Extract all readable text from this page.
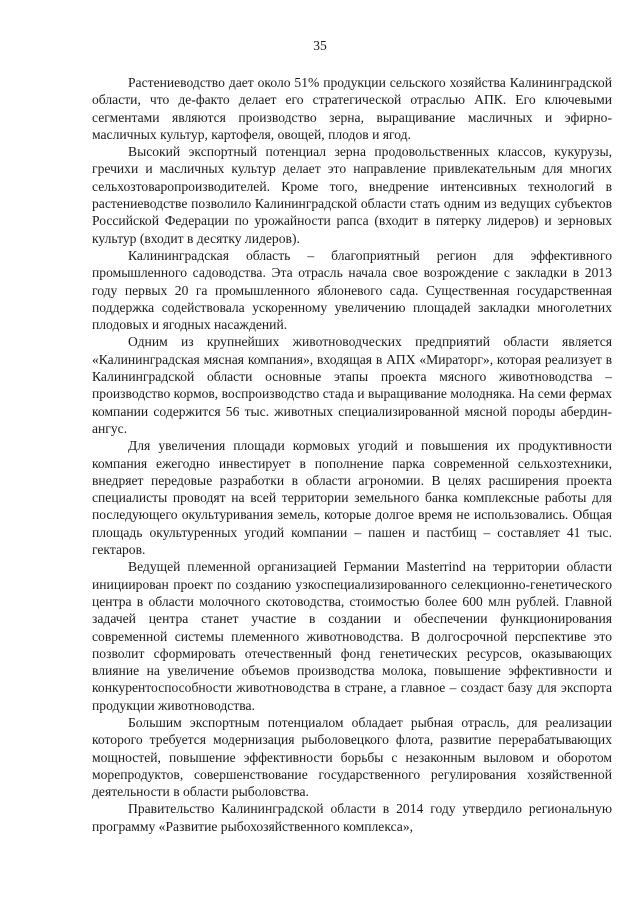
35

Растениеводство дает около 51% продукции сельского хозяйства Калининградской области, что де-факто делает его стратегической отраслью АПК. Его ключевыми сегментами являются производство зерна, выращивание масличных и эфирно-масличных культур, картофеля, овощей, плодов и ягод.

Высокий экспортный потенциал зерна продовольственных классов, кукурузы, гречихи и масличных культур делает это направление привлекательным для многих сельхозтоваропроизводителей. Кроме того, внедрение интенсивных технологий в растениеводстве позволило Калининградской области стать одним из ведущих субъектов Российской Федерации по урожайности рапса (входит в пятерку лидеров) и зерновых культур (входит в десятку лидеров).

Калининградская область – благоприятный регион для эффективного промышленного садоводства. Эта отрасль начала свое возрождение с закладки в 2013 году первых 20 га промышленного яблоневого сада. Существенная государственная поддержка содействовала ускоренному увеличению площадей закладки многолетних плодовых и ягодных насаждений.

Одним из крупнейших животноводческих предприятий области является «Калининградская мясная компания», входящая в АПХ «Мираторг», которая реализует в Калининградской области основные этапы проекта мясного животноводства – производство кормов, воспроизводство стада и выращивание молодняка. На семи фермах компании содержится 56 тыс. животных специализированной мясной породы абердин-ангус.

Для увеличения площади кормовых угодий и повышения их продуктивности компания ежегодно инвестирует в пополнение парка современной сельхозтехники, внедряет передовые разработки в области агрономии. В целях расширения проекта специалисты проводят на всей территории земельного банка комплексные работы для последующего окультуривания земель, которые долгое время не использовались. Общая площадь окультуренных угодий компании – пашен и пастбищ – составляет 41 тыс. гектаров.

Ведущей племенной организацией Германии Masterrind на территории области инициирован проект по созданию узкоспециализированного селекционно-генетического центра в области молочного скотоводства, стоимостью более 600 млн рублей. Главной задачей центра станет участие в создании и обеспечении функционирования современной системы племенного животноводства. В долгосрочной перспективе это позволит сформировать отечественный фонд генетических ресурсов, оказывающих влияние на увеличение объемов производства молока, повышение эффективности и конкурентоспособности животноводства в стране, а главное – создаст базу для экспорта продукции животноводства.

Большим экспортным потенциалом обладает рыбная отрасль, для реализации которого требуется модернизация рыболовецкого флота, развитие перерабатывающих мощностей, повышение эффективности борьбы с незаконным выловом и оборотом морепродуктов, совершенствование государственного регулирования хозяйственной деятельности в области рыболовства.

Правительство Калининградской области в 2014 году утвердило региональную программу «Развитие рыбохозяйственного комплекса»,
